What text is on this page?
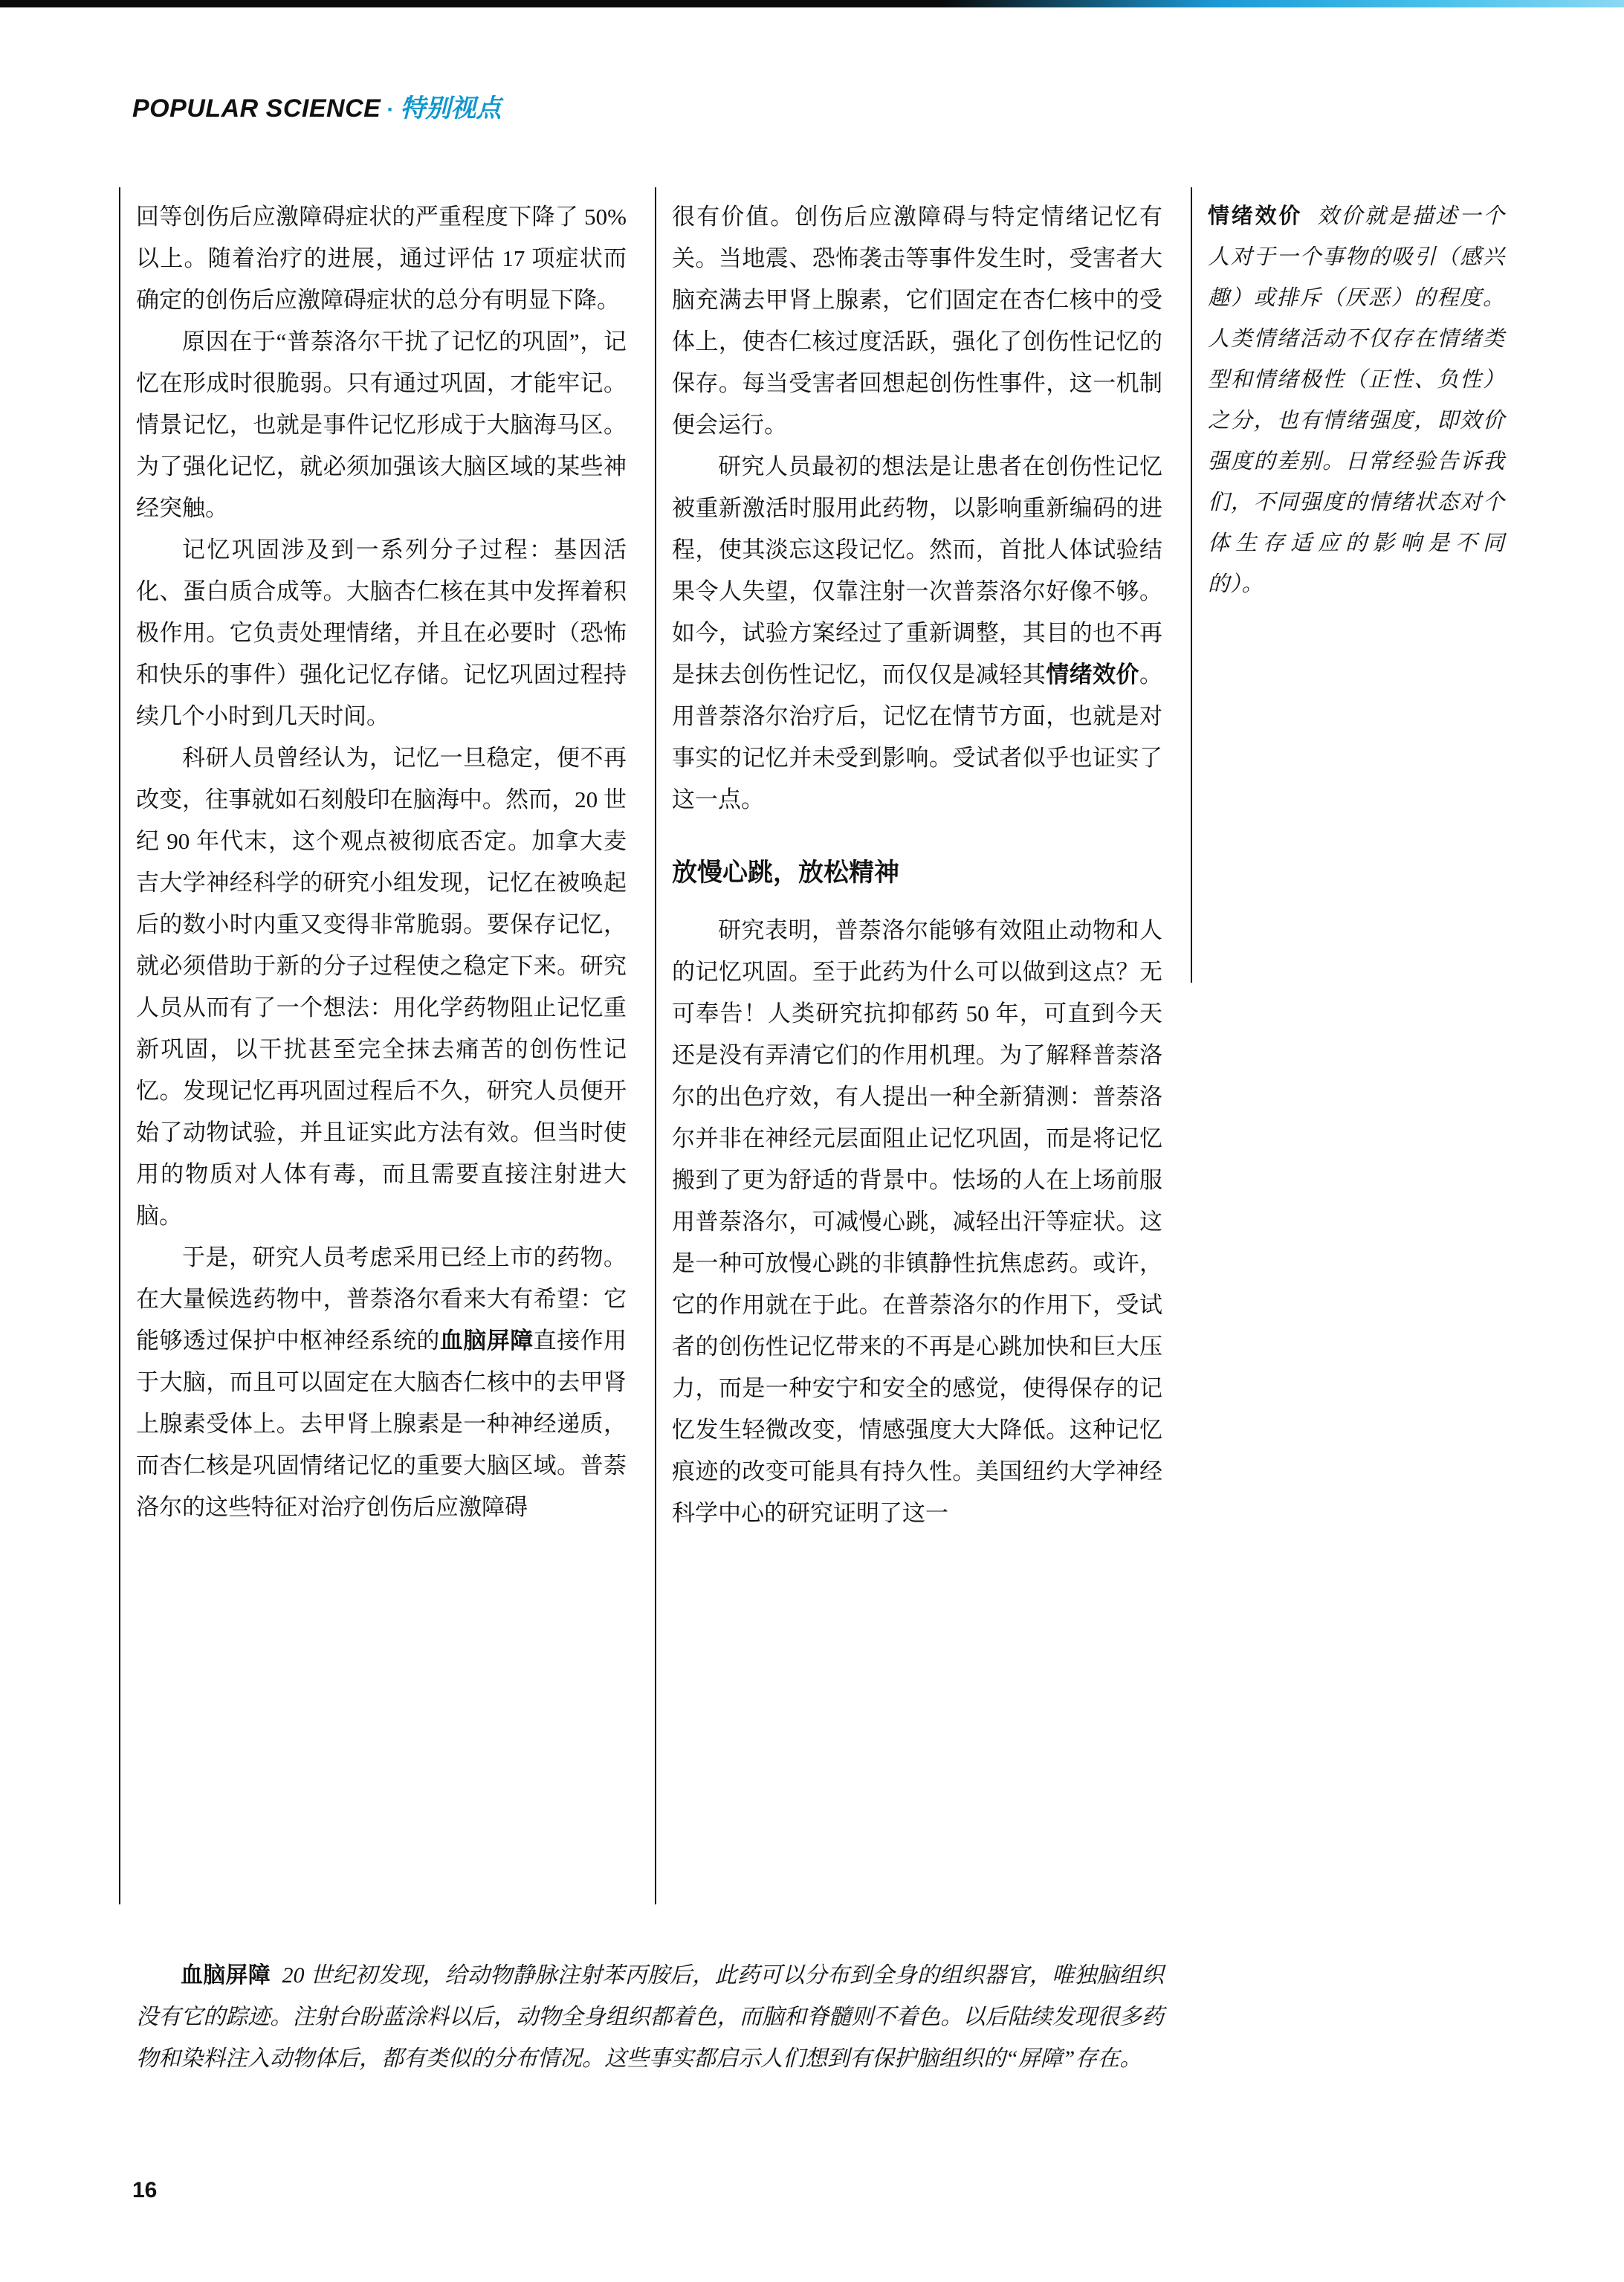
POPULAR SCIENCE · 特别视点

回等创伤后应激障碍症状的严重程度下降了 50% 以上。随着治疗的进展，通过评估 17 项症状而确定的创伤后应激障碍症状的总分有明显下降。

原因在于“普萘洛尔干扰了记忆的巩固”，记忆在形成时很脆弱。只有通过巩固，才能牢记。情景记忆，也就是事件记忆形成于大脑海马区。为了强化记忆，就必须加强该大脑区域的某些神经突触。

记忆巩固涉及到一系列分子过程：基因活化、蛋白质合成等。大脑杏仁核在其中发挥着积极作用。它负责处理情绪，并且在必要时（恐怖和快乐的事件）强化记忆存储。记忆巩固过程持续几个小时到几天时间。

科研人员曾经认为，记忆一旦稳定，便不再改变，往事就如石刻般印在脑海中。然而，20 世纪 90 年代末，这个观点被彻底否定。加拿大麦吉大学神经科学的研究小组发现，记忆在被唤起后的数小时内重又变得非常脆弱。要保存记忆，就必须借助于新的分子过程使之稳定下来。研究人员从而有了一个想法：用化学药物阻止记忆重新巩固，以干扰甚至完全抹去痛苦的创伤性记忆。发现记忆再巩固过程后不久，研究人员便开始了动物试验，并且证实此方法有效。但当时使用的物质对人体有毒，而且需要直接注射进大脑。

于是，研究人员考虑采用已经上市的药物。在大量候选药物中，普萘洛尔看来大有希望：它能够透过保护中枢神经系统的血脑屏障直接作用于大脑，而且可以固定在大脑杏仁核中的去甲肾上腺素受体上。去甲肾上腺素是一种神经递质，而杏仁核是巩固情绪记忆的重要大脑区域。普萘洛尔的这些特征对治疗创伤后应激障碍

很有价值。创伤后应激障碍与特定情绪记忆有关。当地震、恐怖袭击等事件发生时，受害者大脑充满去甲肾上腺素，它们固定在杏仁核中的受体上，使杏仁核过度活跃，强化了创伤性记忆的保存。每当受害者回想起创伤性事件，这一机制便会运行。

研究人员最初的想法是让患者在创伤性记忆被重新激活时服用此药物，以影响重新编码的进程，使其淡忘这段记忆。然而，首批人体试验结果令人失望，仅靠注射一次普萘洛尔好像不够。如今，试验方案经过了重新调整，其目的也不再是抹去创伤性记忆，而仅仅是减轻其情绪效价。用普萘洛尔治疗后，记忆在情节方面，也就是对事实的记忆并未受到影响。受试者似乎也证实了这一点。

放慢心跳，放松精神

研究表明，普萘洛尔能够有效阻止动物和人的记忆巩固。至于此药为什么可以做到这点？无可奉告！人类研究抗抑郁药 50 年，可直到今天还是没有弄清它们的作用机理。为了解释普萘洛尔的出色疗效，有人提出一种全新猜测：普萘洛尔并非在神经元层面阻止记忆巩固，而是将记忆搬到了更为舒适的背景中。怯场的人在上场前服用普萘洛尔，可减慢心跳，减轻出汗等症状。这是一种可放慢心跳的非镇静性抗焦虑药。或许，它的作用就在于此。在普萘洛尔的作用下，受试者的创伤性记忆带来的不再是心跳加快和巨大压力，而是一种安宁和安全的感觉，使得保存的记忆发生轻微改变，情感强度大大降低。这种记忆痕迹的改变可能具有持久性。美国纽约大学神经科学中心的研究证明了这一

情绪效价 效价就是描述一个人对于一个事物的吸引（感兴趣）或排斥（厌恶）的程度。人类情绪活动不仅存在情绪类型和情绪极性（正性、负性）之分，也有情绪强度，即效价强度的差别。日常经验告诉我们，不同强度的情绪状态对个体生存适应的影响是不同的）。

血脑屏障 20 世纪初发现，给动物静脉注射苯丙胺后，此药可以分布到全身的组织器官，唯独脑组织没有它的踪迹。注射台盼蓝涂料以后，动物全身组织都着色，而脑和脊髓则不着色。以后陆续发现很多药物和染料注入动物体后，都有类似的分布情况。这些事实都启示人们想到有保护脑组织的“屏障”存在。

16
